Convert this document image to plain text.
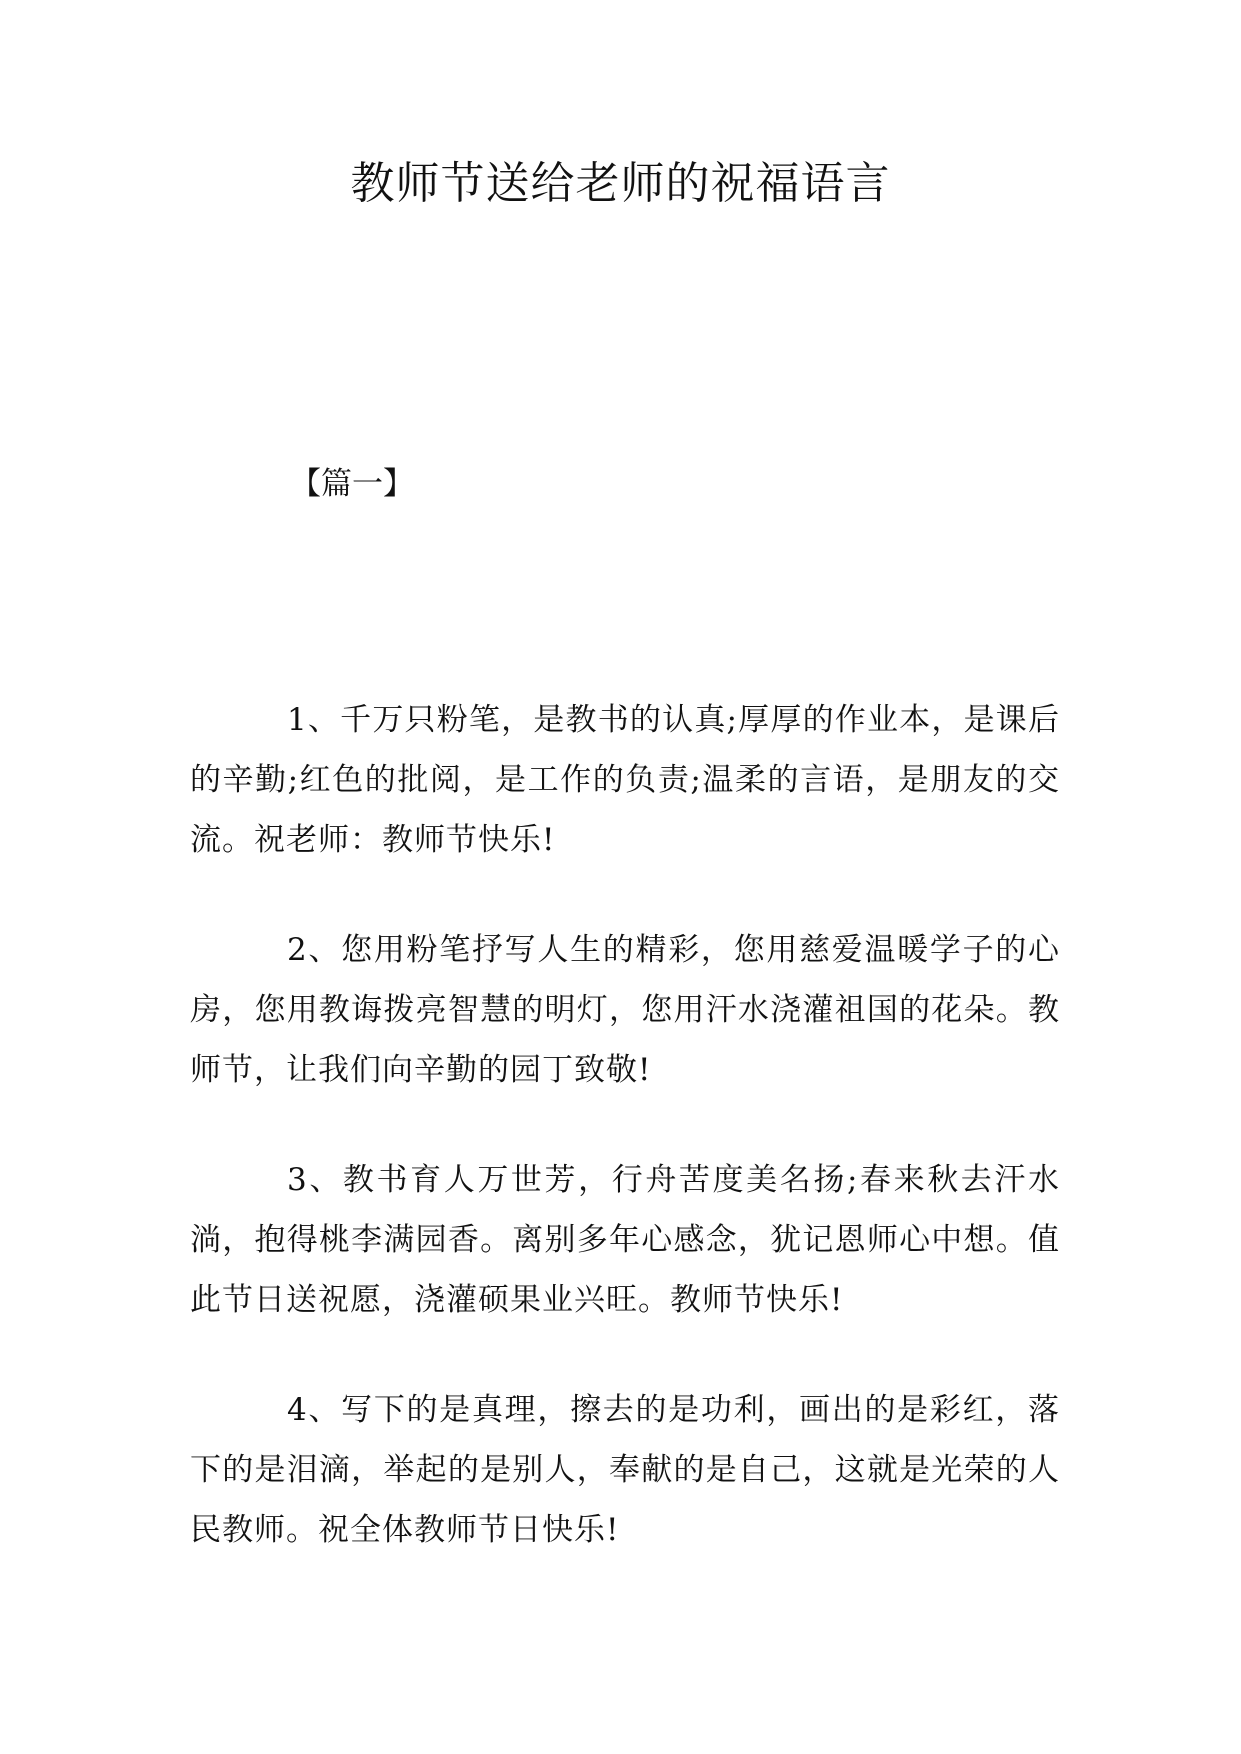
教师节送给老师的祝福语言

【篇一】

1、千万只粉笔，是教书的认真;厚厚的作业本，是课后的辛勤;红色的批阅，是工作的负责;温柔的言语，是朋友的交流。祝老师：教师节快乐!

2、您用粉笔抒写人生的精彩，您用慈爱温暖学子的心房，您用教诲拨亮智慧的明灯，您用汗水浇灌祖国的花朵。教师节，让我们向辛勤的园丁致敬!

3、教书育人万世芳，行舟苦度美名扬;春来秋去汗水淌，抱得桃李满园香。离别多年心感念，犹记恩师心中想。值此节日送祝愿，浇灌硕果业兴旺。教师节快乐!

4、写下的是真理，擦去的是功利，画出的是彩红，落下的是泪滴，举起的是别人，奉献的是自己，这就是光荣的人民教师。祝全体教师节日快乐!
